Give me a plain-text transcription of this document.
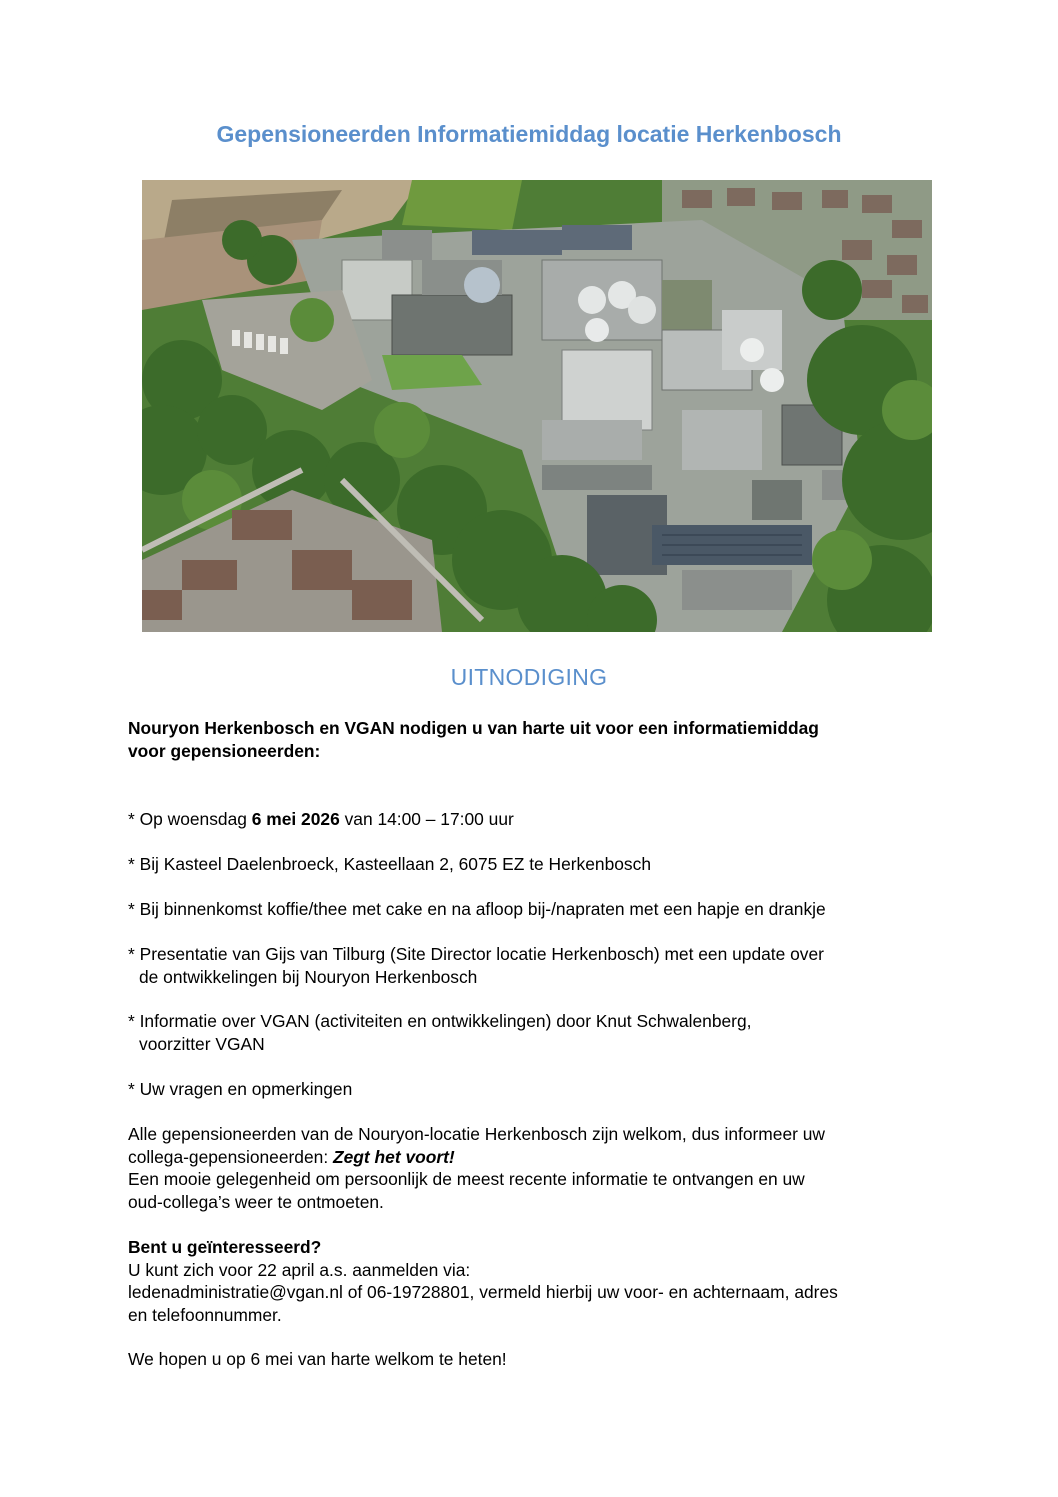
Gepensioneerden Informatiemiddag locatie Herkenbosch
UITNODIGING

Nouryon Herkenbosch en VGAN nodigen u van harte uit voor een informatiemiddag

voor gepensioneerden:

* Op woensdag 6 mei 2026 van 14:00 – 17:00 uur
* Bij Kasteel Daelenbroeck, Kasteellaan 2, 6075 EZ te Herkenbosch
* Bij binnenkomst koffie/thee met cake en na afloop bij-/napraten met een hapje en drankje

* Presentatie van Gijs van Tilburg (Site Director locatie Herkenbosch) met een update over

de ontwikkelingen bij Nouryon Herkenbosch

* Informatie over VGAN (activiteiten en ontwikkelingen) door Knut Schwalenberg,

voorzitter VGAN

* Uw vragen en opmerkingen

Alle gepensioneerden van de Nouryon-locatie Herkenbosch zijn welkom, dus informeer uw

collega-gepensioneerden: Zegt het voort!

Een mooie gelegenheid om persoonlijk de meest recente informatie te ontvangen en uw

oud-collega’s weer te ontmoeten.

Bent u geïnteresseerd?

U kunt zich voor 22 april a.s. aanmelden via:

ledenadministratie@vgan.nl of 06-19728801, vermeld hierbij uw voor- en achternaam, adres

en telefoonnummer.

We hopen u op 6 mei van harte welkom te heten!
